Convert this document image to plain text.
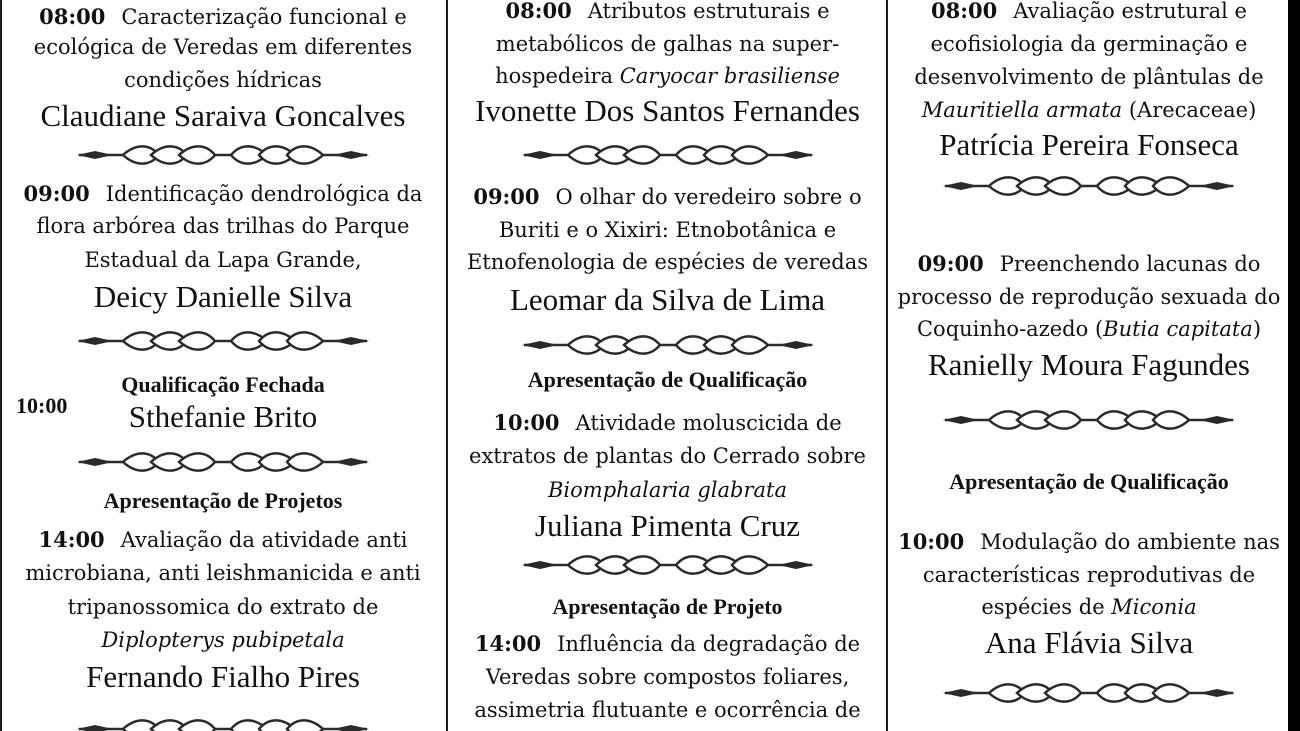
08:00 Caracterização funcional e
ecológica de Veredas em diferentes
condições hídricas
Claudiane Saraiva Goncalves
09:00 Identificação dendrológica da
flora arbórea das trilhas do Parque
Estadual da Lapa Grande,
Deicy Danielle Silva
Qualificação Fechada
10:00	Sthefanie Brito
Apresentação de Projetos
14:00 Avaliação da atividade anti
microbiana, anti leishmanicida e anti
tripanossomica do extrato de
Diplopterys pubipetala
Fernando Fialho Pires
08:00 Atributos estruturais e
metabólicos de galhas na super-
hospedeira Caryocar brasiliense
Ivonette Dos Santos Fernandes
09:00 O olhar do veredeiro sobre o
Buriti e o Xixiri: Etnobotânica e
Etnofenologia de espécies de veredas
Leomar da Silva de Lima
Apresentação de Qualificação
10:00 Atividade moluscicida de
extratos de plantas do Cerrado sobre
Biomphalaria glabrata
Juliana Pimenta Cruz
Apresentação de Projeto
14:00 Influência da degradação de
Veredas sobre compostos foliares,
assimetria flutuante e ocorrência de
08:00 Avaliação estrutural e
ecofisiologia da germinação e
desenvolvimento de plântulas de
Mauritiella armata (Arecaceae)
Patrícia Pereira Fonseca
09:00 Preenchendo lacunas do
processo de reprodução sexuada do
Coquinho-azedo (Butia capitata)
Ranielly Moura Fagundes
Apresentação de Qualificação
10:00 Modulação do ambiente nas
características reprodutivas de
espécies de Miconia
Ana Flávia Silva
